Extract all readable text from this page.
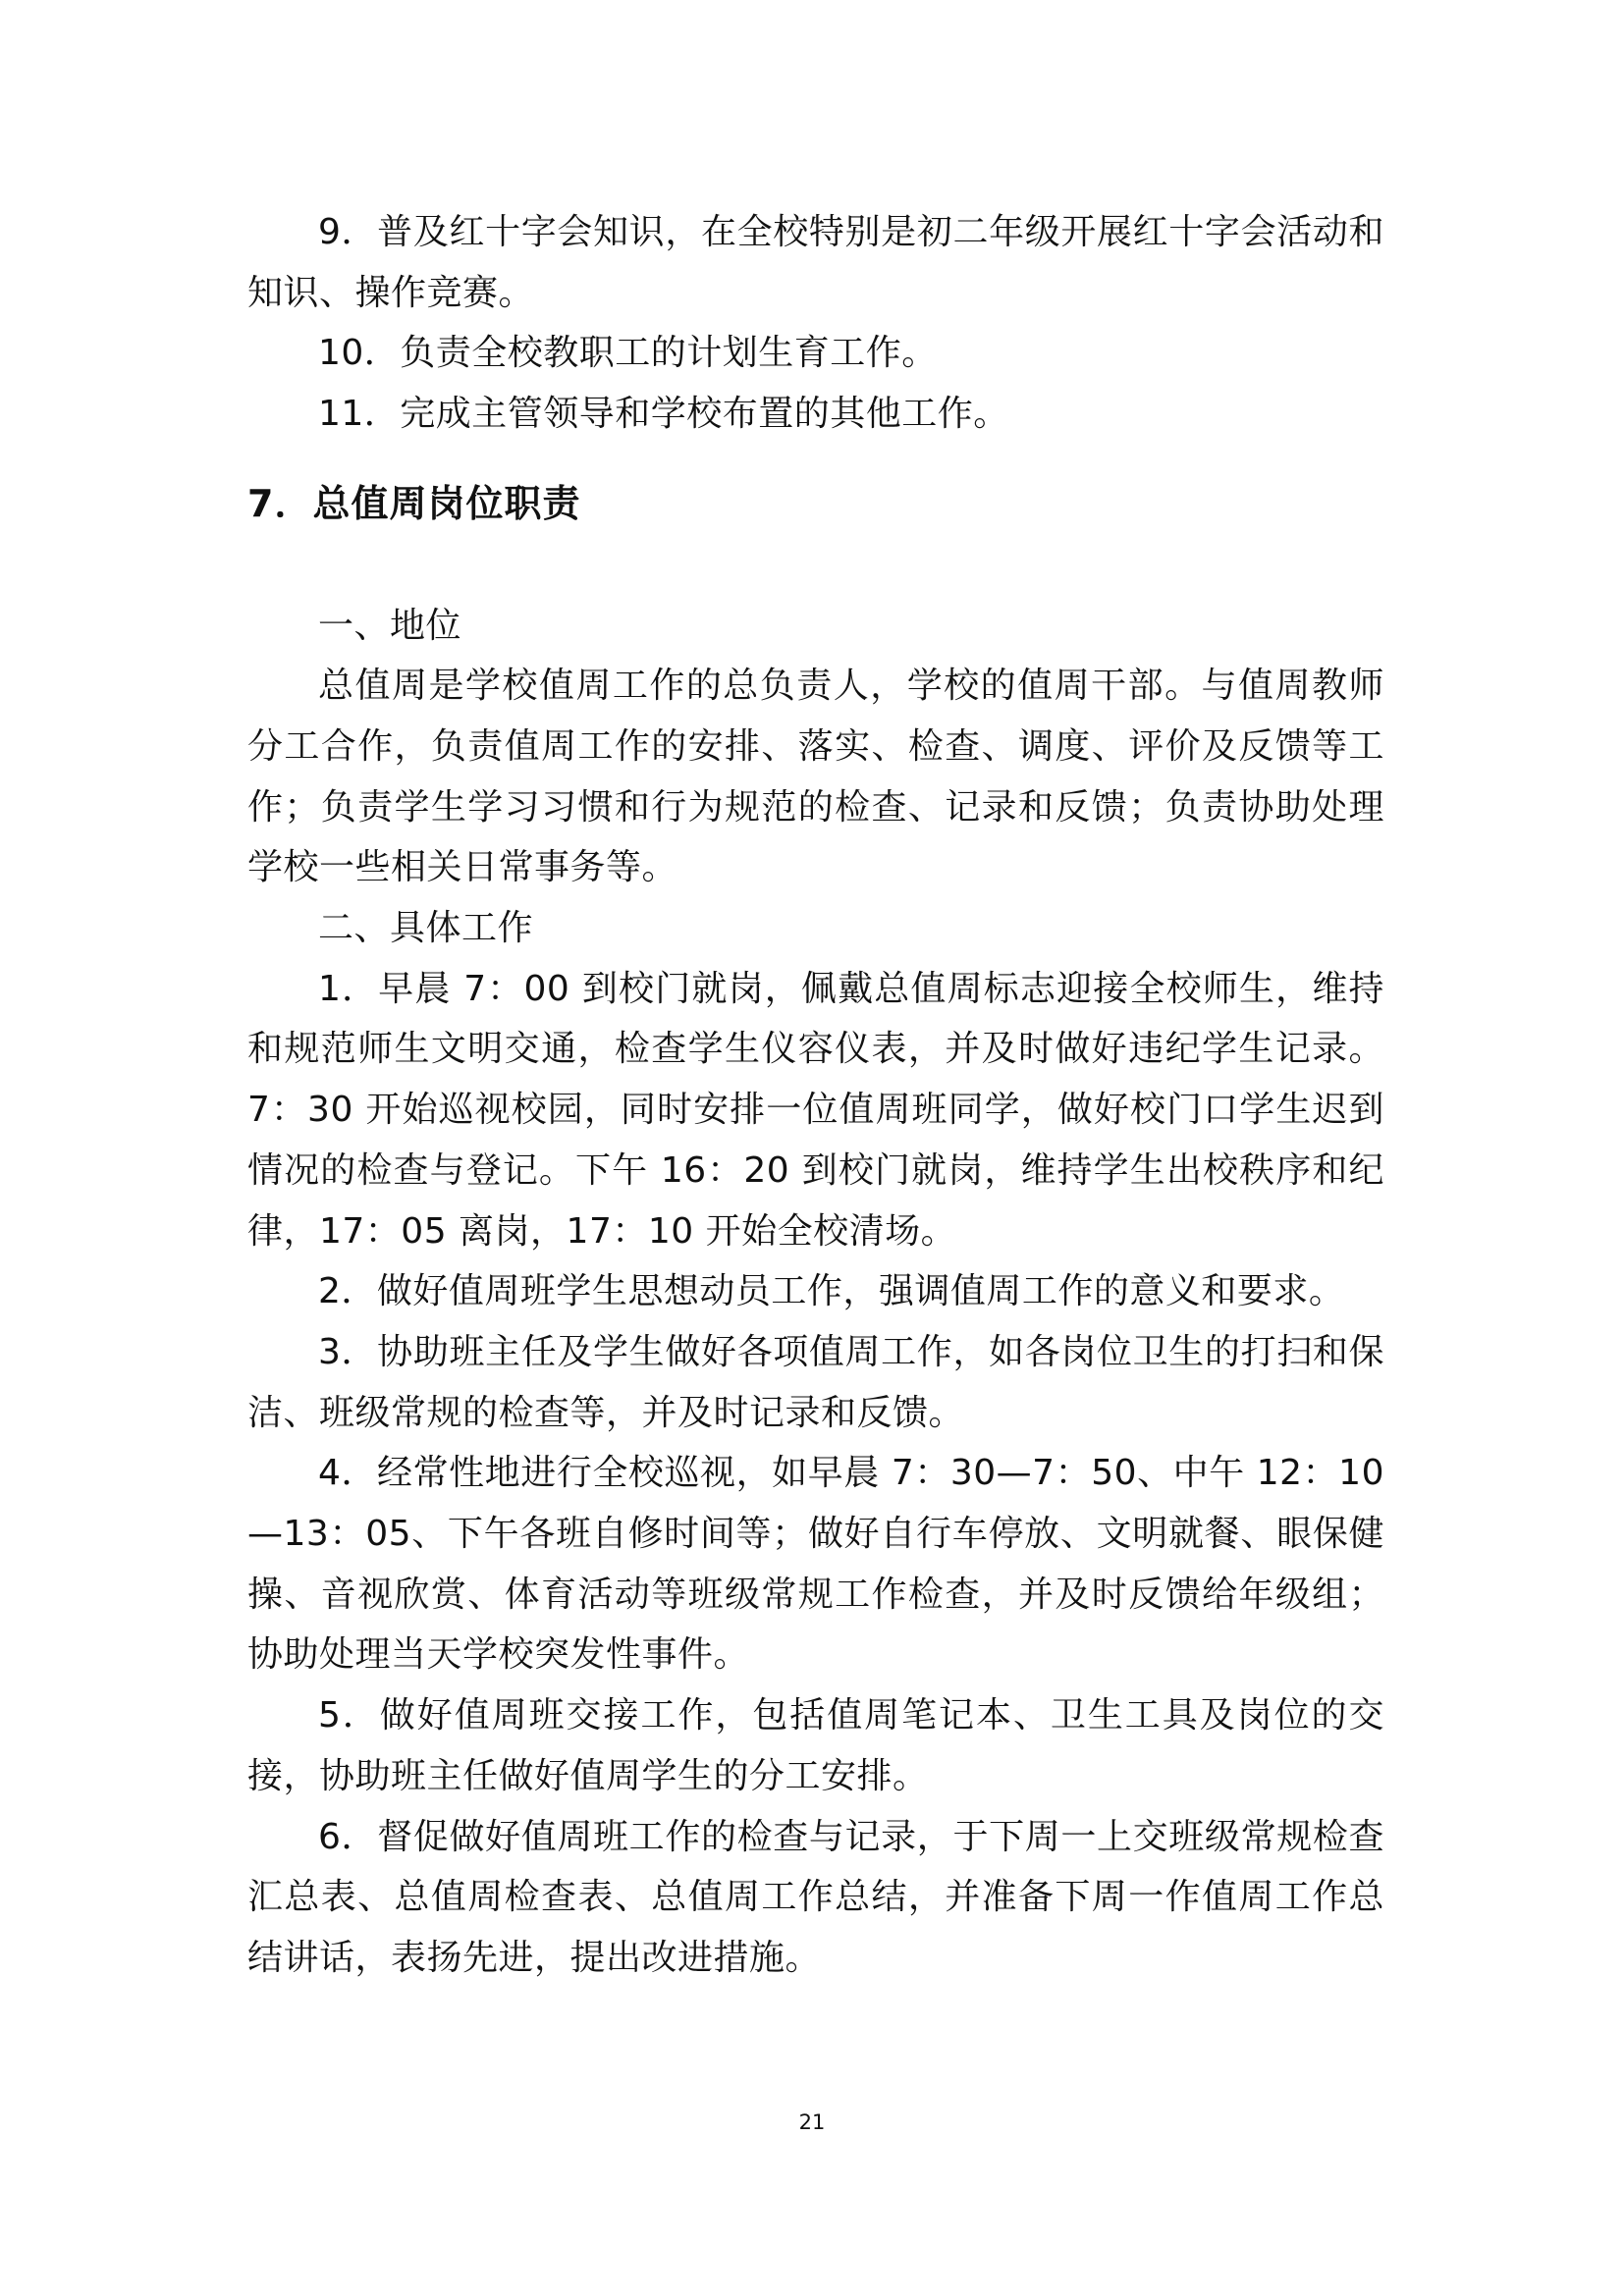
9．普及红十字会知识，在全校特别是初二年级开展红十字会活动和知识、操作竞赛。

10．负责全校教职工的计划生育工作。

11．完成主管领导和学校布置的其他工作。

7．总值周岗位职责

一、地位

总值周是学校值周工作的总负责人，学校的值周干部。与值周教师分工合作，负责值周工作的安排、落实、检查、调度、评价及反馈等工作；负责学生学习习惯和行为规范的检查、记录和反馈；负责协助处理学校一些相关日常事务等。

二、具体工作

1．早晨 7：00 到校门就岗，佩戴总值周标志迎接全校师生，维持和规范师生文明交通，检查学生仪容仪表，并及时做好违纪学生记录。7：30 开始巡视校园，同时安排一位值周班同学，做好校门口学生迟到情况的检查与登记。下午 16：20 到校门就岗，维持学生出校秩序和纪律，17：05 离岗，17：10 开始全校清场。

2．做好值周班学生思想动员工作，强调值周工作的意义和要求。

3．协助班主任及学生做好各项值周工作，如各岗位卫生的打扫和保洁、班级常规的检查等，并及时记录和反馈。

4．经常性地进行全校巡视，如早晨 7：30—7：50、中午 12：10—13：05、下午各班自修时间等；做好自行车停放、文明就餐、眼保健操、音视欣赏、体育活动等班级常规工作检查，并及时反馈给年级组；协助处理当天学校突发性事件。

5．做好值周班交接工作，包括值周笔记本、卫生工具及岗位的交接，协助班主任做好值周学生的分工安排。

6．督促做好值周班工作的检查与记录，于下周一上交班级常规检查汇总表、总值周检查表、总值周工作总结，并准备下周一作值周工作总结讲话，表扬先进，提出改进措施。

21
